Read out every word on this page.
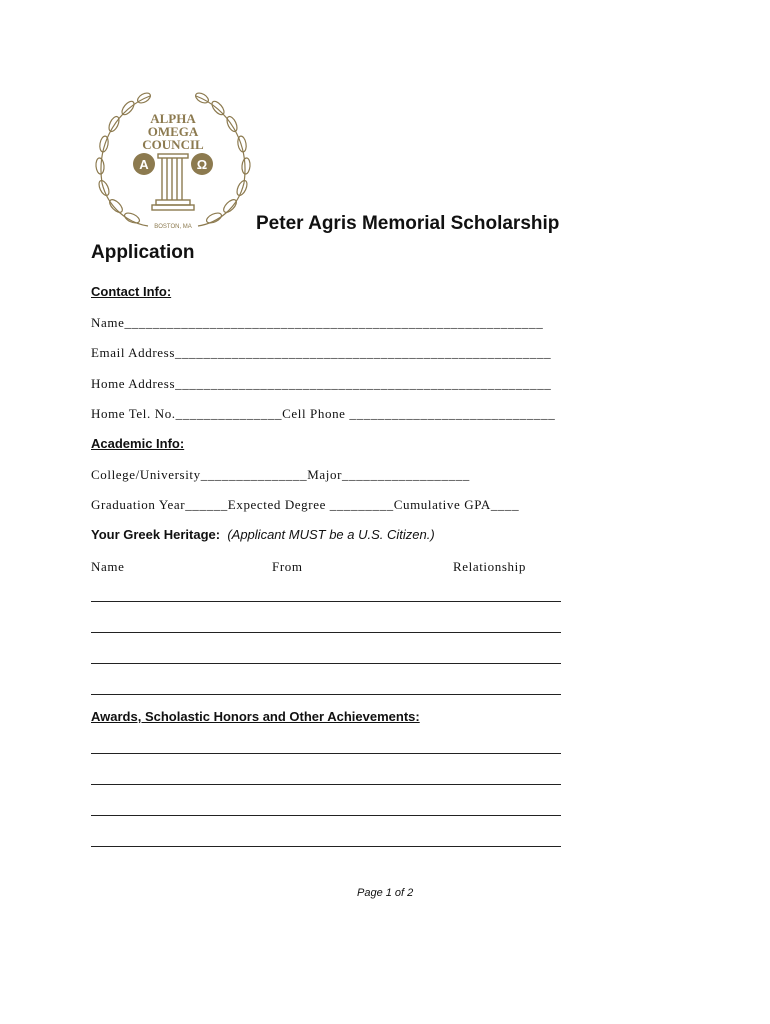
ALPHA
OMEGA
COUNCIL
A	Ω
BOSTON, MA	Peter Agris Memorial Scholarship
Application
Contact Info:
Name___________________________________________________________
Email Address_____________________________________________________
Home Address_____________________________________________________
Home Tel. No._______________Cell Phone _____________________________
Academic Info:
College/University_______________Major__________________
Graduation Year______Expected Degree _________Cumulative GPA____
Your Greek Heritage: (Applicant MUST be a U.S. Citizen.)
Name	From	Relationship
Awards, Scholastic Honors and Other Achievements:
Page 1 of 2
